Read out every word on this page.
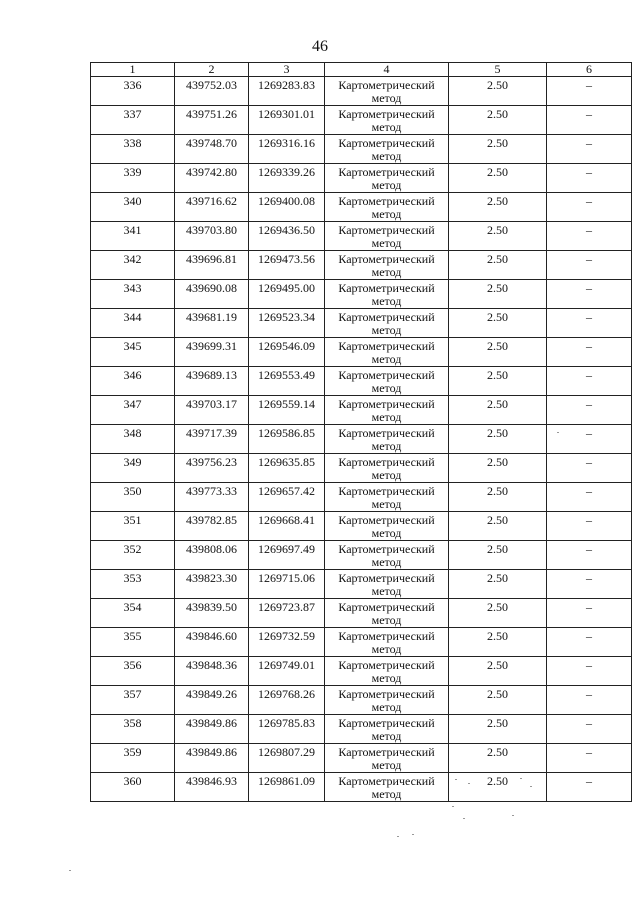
46
1	2	3	4	5	6

336	439752.03	1269283.83	Картометрический метод	2.50	–

337	439751.26	1269301.01	Картометрический метод	2.50	–

338	439748.70	1269316.16	Картометрический метод	2.50	–

339	439742.80	1269339.26	Картометрический метод	2.50	–

340	439716.62	1269400.08	Картометрический метод	2.50	–

341	439703.80	1269436.50	Картометрический метод	2.50	–

342	439696.81	1269473.56	Картометрический метод	2.50	–

343	439690.08	1269495.00	Картометрический метод	2.50	–

344	439681.19	1269523.34	Картометрический метод	2.50	–

345	439699.31	1269546.09	Картометрический метод	2.50	–

346	439689.13	1269553.49	Картометрический метод	2.50	–

347	439703.17	1269559.14	Картометрический метод	2.50	–

348	439717.39	1269586.85	Картометрический метод	2.50	–

349	439756.23	1269635.85	Картометрический метод	2.50	–

350	439773.33	1269657.42	Картометрический метод	2.50	–

351	439782.85	1269668.41	Картометрический метод	2.50	–

352	439808.06	1269697.49	Картометрический метод	2.50	–

353	439823.30	1269715.06	Картометрический метод	2.50	–

354	439839.50	1269723.87	Картометрический метод	2.50	–

355	439846.60	1269732.59	Картометрический метод	2.50	–

356	439848.36	1269749.01	Картометрический метод	2.50	–

357	439849.26	1269768.26	Картометрический метод	2.50	–

358	439849.86	1269785.83	Картометрический метод	2.50	–

359	439849.86	1269807.29	Картометрический метод	2.50	–

360	439846.93	1269861.09	Картометрический метод	2.50	–
